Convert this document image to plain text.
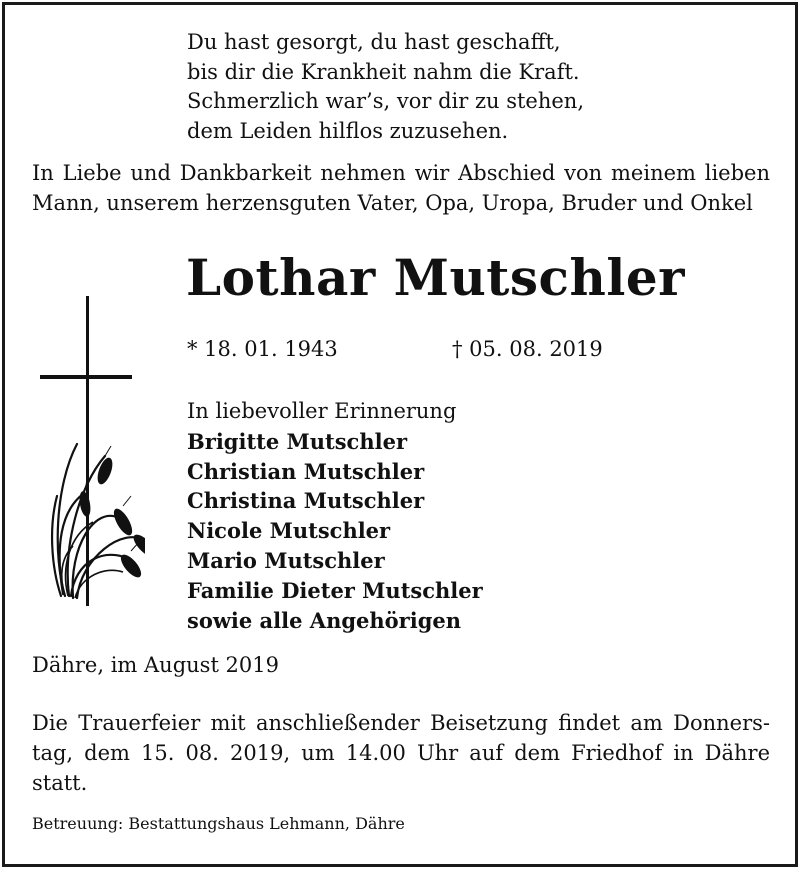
Du hast gesorgt, du hast geschafft,
bis dir die Krankheit nahm die Kraft.
Schmerzlich war’s, vor dir zu stehen,
dem Leiden hilflos zuzusehen.
In Liebe und Dankbarkeit nehmen wir Abschied von meinem lieben Mann, unserem herzensguten Vater, Opa, Uropa, Bruder und Onkel
Lothar Mutschler
* 18. 01. 1943	† 05. 08. 2019
In liebevoller Erinnerung
Brigitte Mutschler
Christian Mutschler
Christina Mutschler
Nicole Mutschler
Mario Mutschler
Familie Dieter Mutschler
sowie alle Angehörigen
Dähre, im August 2019
Die Trauerfeier mit anschließender Beisetzung findet am Donners-tag, dem 15. 08. 2019, um 14.00 Uhr auf dem Friedhof in Dähre statt.
Betreuung: Bestattungshaus Lehmann, Dähre
